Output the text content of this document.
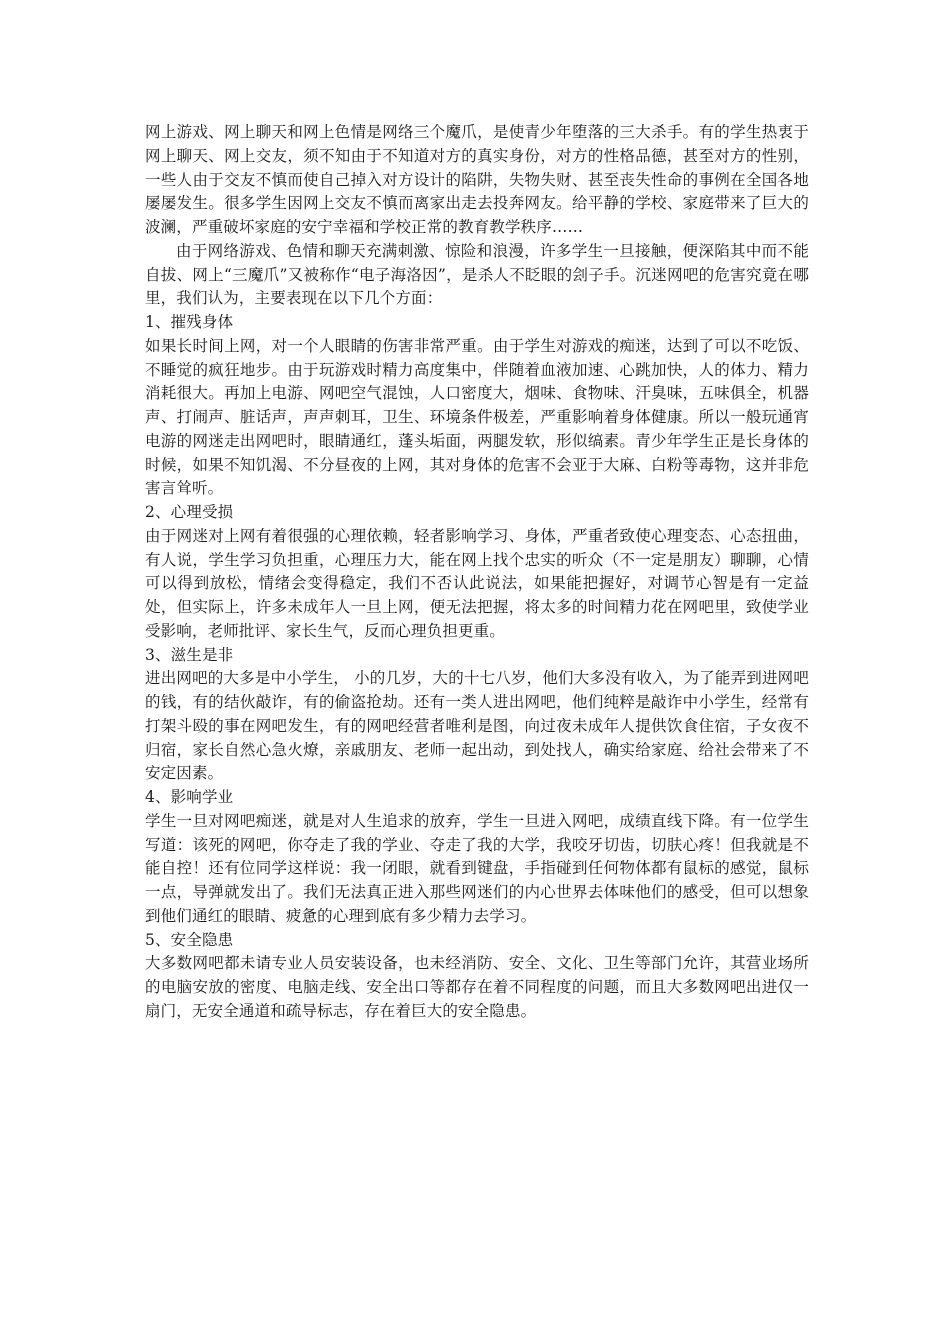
网上游戏、网上聊天和网上色情是网络三个魔爪，是使青少年堕落的三大杀手。有的学生热衷于网上聊天、网上交友，须不知由于不知道对方的真实身份，对方的性格品德，甚至对方的性别，一些人由于交友不慎而使自己掉入对方设计的陷阱，失物失财、甚至丧失性命的事例在全国各地屡屡发生。很多学生因网上交友不慎而离家出走去投奔网友。给平静的学校、家庭带来了巨大的波澜，严重破坏家庭的安宁幸福和学校正常的教育教学秩序……

由于网络游戏、色情和聊天充满刺激、惊险和浪漫，许多学生一旦接触，便深陷其中而不能自拔、网上“三魔爪”又被称作“电子海洛因”，是杀人不眨眼的刽子手。沉迷网吧的危害究竟在哪里，我们认为，主要表现在以下几个方面：

1、摧残身体

如果长时间上网，对一个人眼睛的伤害非常严重。由于学生对游戏的痴迷，达到了可以不吃饭、不睡觉的疯狂地步。由于玩游戏时精力高度集中，伴随着血液加速、心跳加快，人的体力、精力消耗很大。再加上电游、网吧空气混蚀，人口密度大，烟味、食物味、汗臭味，五味俱全，机器声、打闹声、脏话声，声声刺耳，卫生、环境条件极差，严重影响着身体健康。所以一般玩通宵电游的网迷走出网吧时，眼睛通红，蓬头垢面，两腿发软，形似缟素。青少年学生正是长身体的时候，如果不知饥渴、不分昼夜的上网，其对身体的危害不会亚于大麻、白粉等毒物，这并非危害言耸听。

2、心理受损

由于网迷对上网有着很强的心理依赖，轻者影响学习、身体，严重者致使心理变态、心态扭曲，有人说，学生学习负担重，心理压力大，能在网上找个忠实的听众（不一定是朋友）聊聊，心情可以得到放松，情绪会变得稳定，我们不否认此说法，如果能把握好，对调节心智是有一定益处，但实际上，许多未成年人一旦上网，便无法把握，将太多的时间精力花在网吧里，致使学业受影响，老师批评、家长生气，反而心理负担更重。

3、滋生是非

进出网吧的大多是中小学生， 小的几岁，大的十七八岁，他们大多没有收入，为了能弄到进网吧的钱，有的结伙敲诈，有的偷盗抢劫。还有一类人进出网吧，他们纯粹是敲诈中小学生，经常有打架斗殴的事在网吧发生，有的网吧经营者唯利是图，向过夜未成年人提供饮食住宿，子女夜不归宿，家长自然心急火燎，亲戚朋友、老师一起出动，到处找人，确实给家庭、给社会带来了不安定因素。

4、影响学业

学生一旦对网吧痴迷，就是对人生追求的放弃，学生一旦进入网吧，成绩直线下降。有一位学生写道：该死的网吧，你夺走了我的学业、夺走了我的大学，我咬牙切齿，切肤心疼！但我就是不能自控！还有位同学这样说：我一闭眼，就看到键盘，手指碰到任何物体都有鼠标的感觉，鼠标一点，导弹就发出了。我们无法真正进入那些网迷们的内心世界去体味他们的感受，但可以想象到他们通红的眼睛、疲惫的心理到底有多少精力去学习。

5、安全隐患

大多数网吧都未请专业人员安装设备，也未经消防、安全、文化、卫生等部门允许，其营业场所的电脑安放的密度、电脑走线、安全出口等都存在着不同程度的问题，而且大多数网吧出进仅一扇门，无安全通道和疏导标志，存在着巨大的安全隐患。
